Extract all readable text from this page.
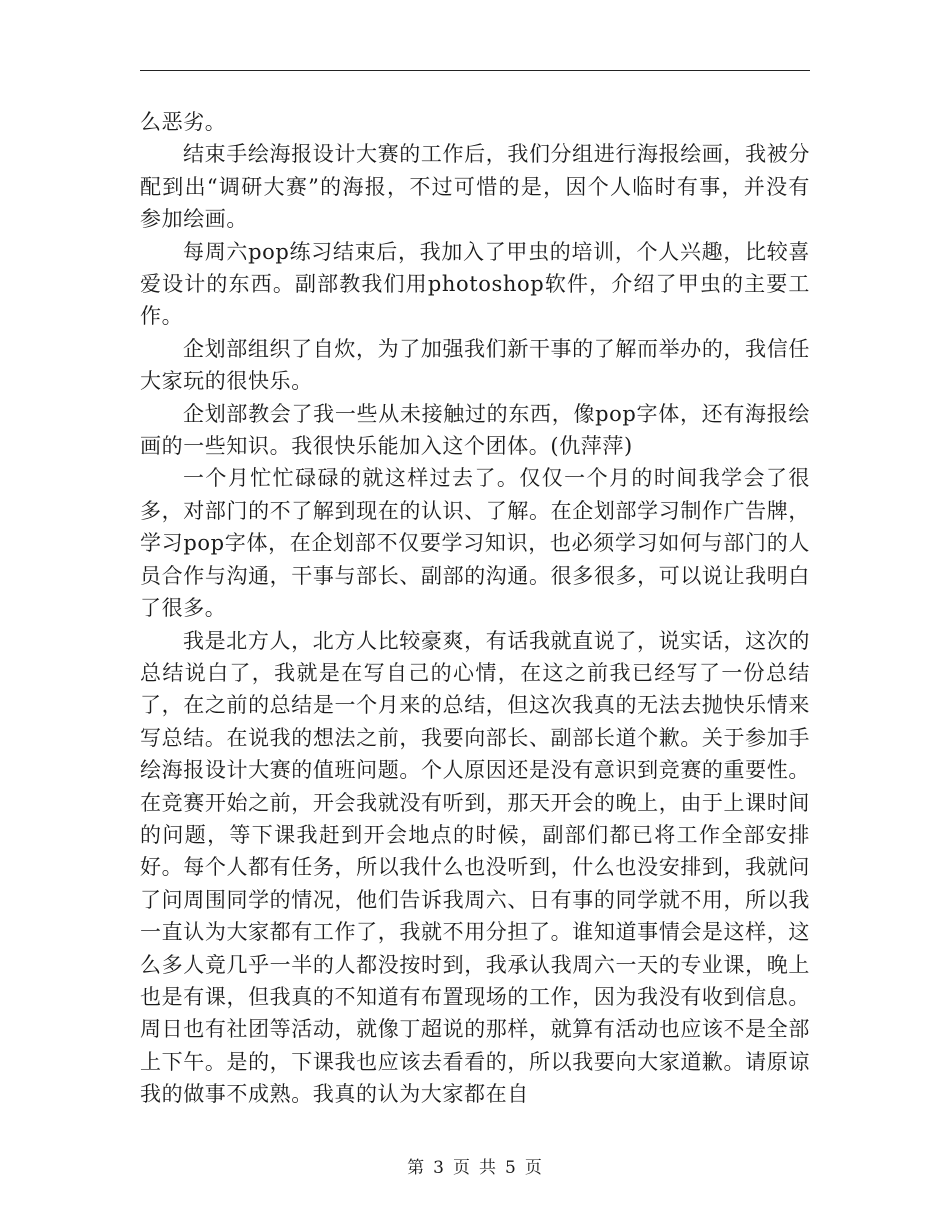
么恶劣。

结束手绘海报设计大赛的工作后，我们分组进行海报绘画，我被分配到出“调研大赛”的海报，不过可惜的是，因个人临时有事，并没有参加绘画。

每周六pop练习结束后，我加入了甲虫的培训，个人兴趣，比较喜爱设计的东西。副部教我们用photoshop软件，介绍了甲虫的主要工作。

企划部组织了自炊，为了加强我们新干事的了解而举办的，我信任大家玩的很快乐。

企划部教会了我一些从未接触过的东西，像pop字体，还有海报绘画的一些知识。我很快乐能加入这个团体。(仇萍萍)

一个月忙忙碌碌的就这样过去了。仅仅一个月的时间我学会了很多，对部门的不了解到现在的认识、了解。在企划部学习制作广告牌，学习pop字体，在企划部不仅要学习知识，也必须学习如何与部门的人员合作与沟通，干事与部长、副部的沟通。很多很多，可以说让我明白了很多。

我是北方人，北方人比较豪爽，有话我就直说了，说实话，这次的总结说白了，我就是在写自己的心情，在这之前我已经写了一份总结了，在之前的总结是一个月来的总结，但这次我真的无法去抛快乐情来写总结。在说我的想法之前，我要向部长、副部长道个歉。关于参加手绘海报设计大赛的值班问题。个人原因还是没有意识到竞赛的重要性。在竞赛开始之前，开会我就没有听到，那天开会的晚上，由于上课时间的问题，等下课我赶到开会地点的时候，副部们都已将工作全部安排好。每个人都有任务，所以我什么也没听到，什么也没安排到，我就问了问周围同学的情况，他们告诉我周六、日有事的同学就不用，所以我一直认为大家都有工作了，我就不用分担了。谁知道事情会是这样，这么多人竟几乎一半的人都没按时到，我承认我周六一天的专业课，晚上也是有课，但我真的不知道有布置现场的工作，因为我没有收到信息。周日也有社团等活动，就像丁超说的那样，就算有活动也应该不是全部上下午。是的，下课我也应该去看看的，所以我要向大家道歉。请原谅我的做事不成熟。我真的认为大家都在自

第 3 页 共 5 页
